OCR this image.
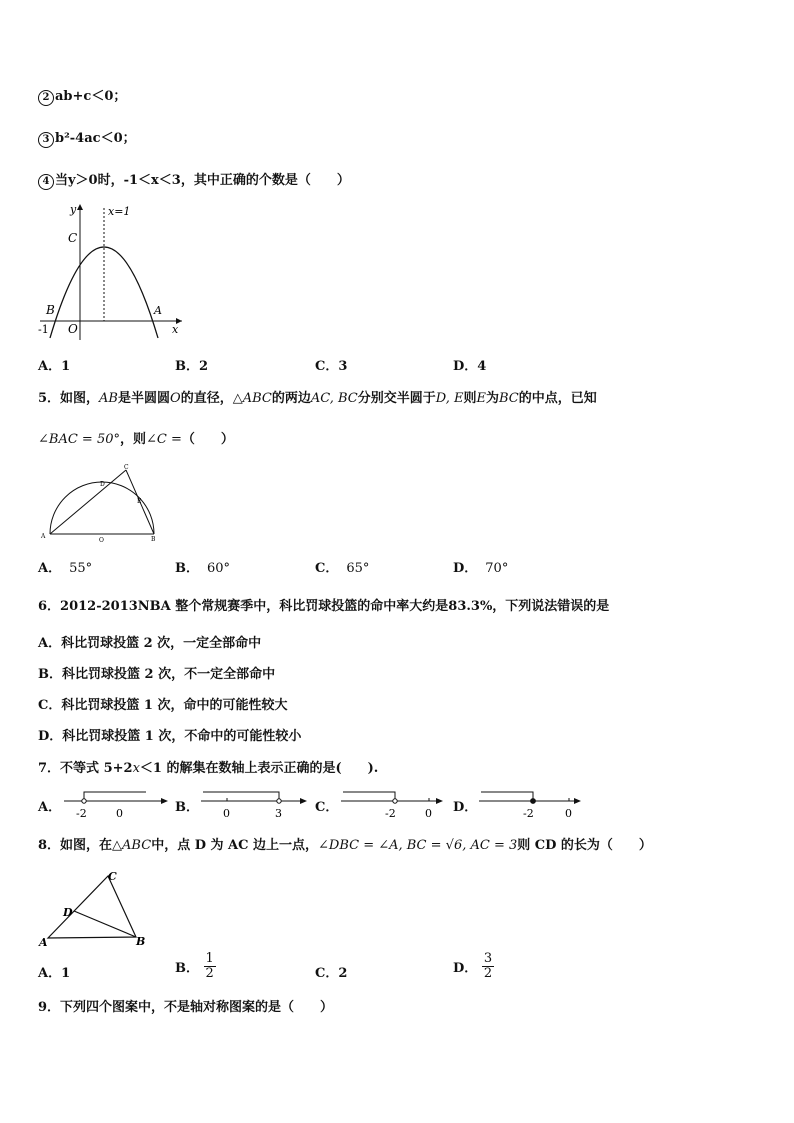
2 ab+c＜0；
3 b²-4ac＜0；
4 当y＞0时，-1＜x＜3，其中正确的个数是（　　）
y	x=1
C
B	A
-1 O	x
A．1	B．2	C．3	D．4
5．如图，AB是半圆圆O的直径，△ABC的两边AC, BC分别交半圆于D, E则E为BC的中点，已知
∠BAC = 50°，则∠C =（　　）
C
D
E
A
O	B
A． 55°	B． 60°	C． 65°	D． 70°
6．2012-2013NBA 整个常规赛季中，科比罚球投篮的命中率大约是83.3%，下列说法错误的是
A．科比罚球投篮 2 次，一定全部命中
B．科比罚球投篮 2 次，不一定全部命中
C．科比罚球投篮 1 次，命中的可能性较大
D．科比罚球投篮 1 次，不命中的可能性较小
7．不等式 5+2x＜1 的解集在数轴上表示正确的是(　　).
A． -2	0	B． 0	3	C．	-2	0 D．	-2	0
8．如图，在△ABC中，点 D 为 AC 边上一点，∠DBC = ∠A, BC = √6, AC = 3则 CD 的长为（　　）
C
D
A	B
A．1	B． $\frac{1}{2}$	C．2	D． $\frac{3}{2}$
9．下列四个图案中，不是轴对称图案的是（　　）
